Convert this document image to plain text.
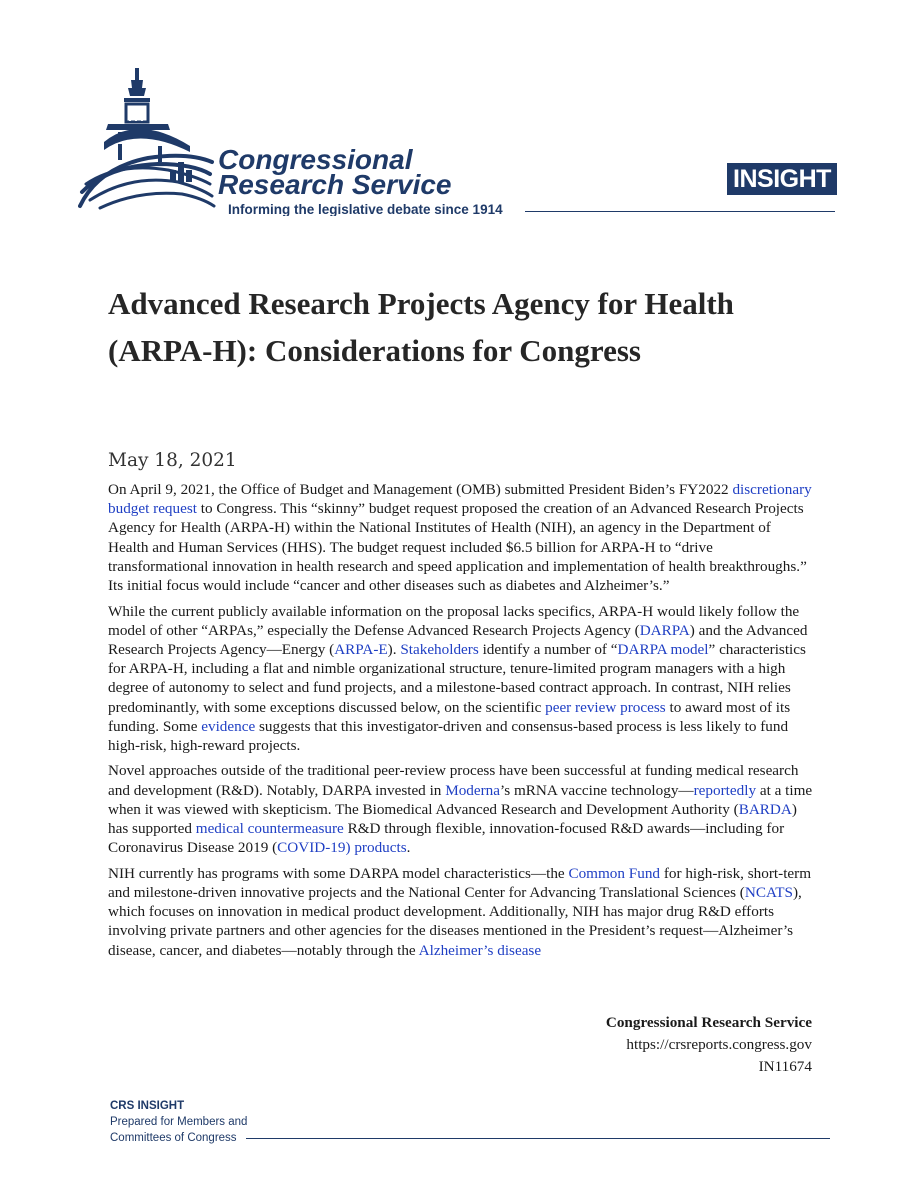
Congressional
Research Service
Informing the legislative debate since 1914
INSIGHT
Advanced Research Projects Agency for Health (ARPA-H): Considerations for Congress

May 18, 2021

On April 9, 2021, the Office of Budget and Management (OMB) submitted President Biden’s FY2022 discretionary budget request to Congress. This “skinny” budget request proposed the creation of an Advanced Research Projects Agency for Health (ARPA-H) within the National Institutes of Health (NIH), an agency in the Department of Health and Human Services (HHS). The budget request included $6.5 billion for ARPA-H to “drive transformational innovation in health research and speed application and implementation of health breakthroughs.” Its initial focus would include “cancer and other diseases such as diabetes and Alzheimer’s.”

While the current publicly available information on the proposal lacks specifics, ARPA-H would likely follow the model of other “ARPAs,” especially the Defense Advanced Research Projects Agency (DARPA) and the Advanced Research Projects Agency—Energy (ARPA-E). Stakeholders identify a number of “DARPA model” characteristics for ARPA-H, including a flat and nimble organizational structure, tenure-limited program managers with a high degree of autonomy to select and fund projects, and a milestone-based contract approach. In contrast, NIH relies predominantly, with some exceptions discussed below, on the scientific peer review process to award most of its funding. Some evidence suggests that this investigator-driven and consensus-based process is less likely to fund high-risk, high-reward projects.

Novel approaches outside of the traditional peer-review process have been successful at funding medical research and development (R&D). Notably, DARPA invested in Moderna’s mRNA vaccine technology—reportedly at a time when it was viewed with skepticism. The Biomedical Advanced Research and Development Authority (BARDA) has supported medical countermeasure R&D through flexible, innovation-focused R&D awards—including for Coronavirus Disease 2019 (COVID-19) products.

NIH currently has programs with some DARPA model characteristics—the Common Fund for high-risk, short-term and milestone-driven innovative projects and the National Center for Advancing Translational Sciences (NCATS), which focuses on innovation in medical product development. Additionally, NIH has major drug R&D efforts involving private partners and other agencies for the diseases mentioned in the President’s request—Alzheimer’s disease, cancer, and diabetes—notably through the Alzheimer’s disease

Congressional Research Service
https://crsreports.congress.gov
IN11674
CRS INSIGHT
Prepared for Members and
Committees of Congress
